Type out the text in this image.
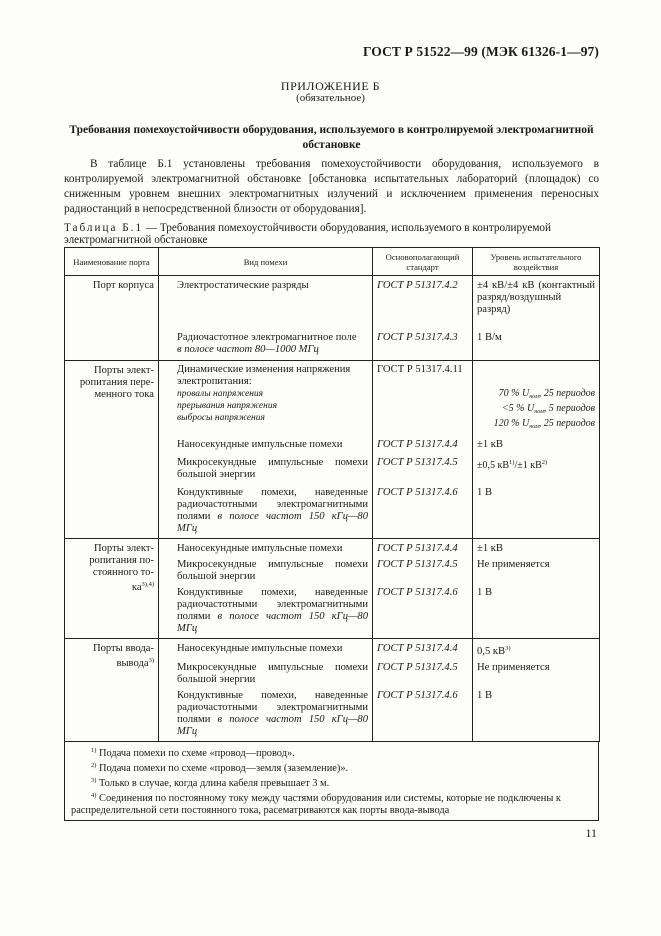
ГОСТ Р 51522—99 (МЭК 61326-1—97)
ПРИЛОЖЕНИЕ Б
(обязательное)
Требования помехоустойчивости оборудования, используемого в контролируемой электромагнитной обстановке
В таблице Б.1 установлены требования помехоустойчивости оборудования, используемого в контролируемой электромагнитной обстановке [обстановка испытательных лабораторий (площадок) со сниженным уровнем внешних электромагнитных излучений и исключением применения переносных радиостанций в непосредственной близости от оборудования].
Таблица Б.1 — Требования помехоустойчивости оборудования, используемого в контролируемой электромагнитной обстановке
Наименование порта	Вид помехи	Основополагающий стандарт	Уровень испытательного воздействия
Порт корпуса	Электростатические разряды	ГОСТ Р 51317.4.2	±4 кВ/±4 кВ (контактный разряд/воздушный разряд)
	Радиочастотное электромагнитное поле
в полосе частот 80—1000 МГц	ГОСТ Р 51317.4.3	1 В/м
Порты элект-
ропитания пере-
менного тока	Динамические изменения напряжения электропитания:
провалы напряжения
прерывания напряжения
выбросы напряжения	ГОСТ Р 51317.4.11	70 % $U_{ном}$, 25 периодов
<5 % $U_{ном}$, 5 периодов
120 % $U_{ном}$, 25 периодов

	Наносекундные импульсные помехи	ГОСТ Р 51317.4.4	±1 кВ
	Микросекундные импульсные помехи большой энергии	ГОСТ Р 51317.4.5	±0,5 $кВ^{1)}/\pm 1$ $кВ^{2)}$
	Кондуктивные помехи, наведенные радиочастотными электромагнитными полями в полосе частот 150 кГц—80 МГц	ГОСТ Р 51317.4.6	1 В
Порты элект-
ропитания по-
стоянного то-
$ка^{3),4)}$	Наносекундные импульсные помехи	ГОСТ Р 51317.4.4	±1 кВ
	Микросекундные импульсные помехи большой энергии	ГОСТ Р 51317.4.5	Не применяется
	Кондуктивные помехи, наведенные радиочастотными электромагнитными полями в полосе частот 150 кГц—80 МГц	ГОСТ Р 51317.4.6	1 В
Порты ввода-
вывода$^{3)}$	Наносекундные импульсные помехи	ГОСТ Р 51317.4.4	0,5 $кВ^{3)}$
	Микросекундные импульсные помехи большой энергии	ГОСТ Р 51317.4.5	Не применяется
	Кондуктивные помехи, наведенные радиочастотными электромагнитными полями в полосе частот 150 кГц—80 МГц	ГОСТ Р 51317.4.6	1 В

$^{1)}$ Подача помехи по схеме «провод—провод».
$^{2)}$ Подача помехи по схеме «провод—земля (заземление)».
$^{3)}$ Только в случае, когда длина кабеля превышает 3 м.
$^{4)}$ Соединения по постоянному току между частями оборудования или системы, которые не подключены к распределительной сети постоянного тока, расематриваются как порты ввода-вывода
11
